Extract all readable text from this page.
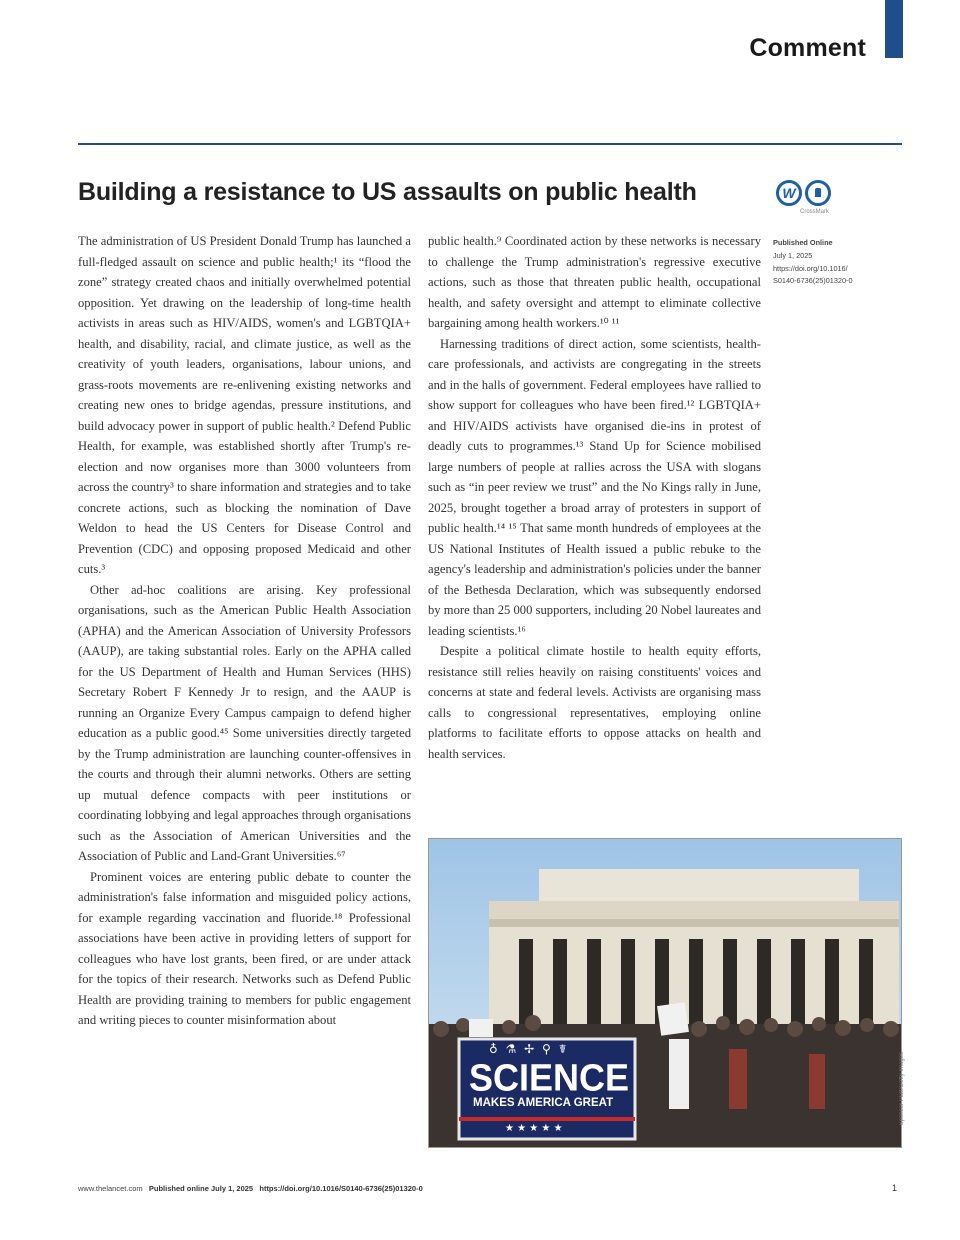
Comment
Building a resistance to US assaults on public health	W
CrossMark

The administration of US President Donald Trump has launched a full-fledged assault on science and public health;¹ its “flood the zone” strategy created chaos and initially overwhelmed potential opposition. Yet drawing on the leadership of long-time health activists in areas such as HIV/AIDS, women's and LGBTQIA+ health, and disability, racial, and climate justice, as well as the creativity of youth leaders, organisations, labour unions, and grass-roots movements are re-enlivening existing networks and creating new ones to bridge agendas, pressure institutions, and build advocacy power in support of public health.² Defend Public Health, for example, was established shortly after Trump's re-election and now organises more than 3000 volunteers from across the country³ to share information and strategies and to take concrete actions, such as blocking the nomination of Dave Weldon to head the US Centers for Disease Control and Prevention (CDC) and opposing proposed Medicaid and other cuts.³

Other ad-hoc coalitions are arising. Key professional organisations, such as the American Public Health Association (APHA) and the American Association of University Professors (AAUP), are taking substantial roles. Early on the APHA called for the US Department of Health and Human Services (HHS) Secretary Robert F Kennedy Jr to resign, and the AAUP is running an Organize Every Campus campaign to defend higher education as a public good.⁴⁵ Some universities directly targeted by the Trump administration are launching counter-offensives in the courts and through their alumni networks. Others are setting up mutual defence compacts with peer institutions or coordinating lobbying and legal approaches through organisations such as the Association of American Universities and the Association of Public and Land-Grant Universities.⁶⁷

Prominent voices are entering public debate to counter the administration's false information and misguided policy actions, for example regarding vaccination and fluoride.¹⁸ Professional associations have been active in providing letters of support for colleagues who have lost grants, been fired, or are under attack for the topics of their research. Networks such as Defend Public Health are providing training to members for public engagement and writing pieces to counter misinformation about

public health.⁹ Coordinated action by these networks is necessary to challenge the Trump administration's regressive executive actions, such as those that threaten public health, occupational health, and safety oversight and attempt to eliminate collective bargaining among health workers.¹⁰ ¹¹

Harnessing traditions of direct action, some scientists, health-care professionals, and activists are congregating in the streets and in the halls of government. Federal employees have rallied to show support for colleagues who have been fired.¹² LGBTQIA+ and HIV/AIDS activists have organised die-ins in protest of deadly cuts to programmes.¹³ Stand Up for Science mobilised large numbers of people at rallies across the USA with slogans such as “in peer review we trust” and the No Kings rally in June, 2025, brought together a broad array of protesters in support of public health.¹⁴ ¹⁵ That same month hundreds of employees at the US National Institutes of Health issued a public rebuke to the agency's leadership and administration's policies under the banner of the Bethesda Declaration, which was subsequently endorsed by more than 25 000 supporters, including 20 Nobel laureates and leading scientists.¹⁶

Despite a political climate hostile to health equity efforts, resistance still relies heavily on raising constituents' voices and concerns at state and federal levels. Activists are organising mass calls to congressional representatives, employing online platforms to facilitate efforts to oppose attacks on health and health services.

Published Online
July 1, 2025
https://doi.org/10.1016/
S0140-6736(25)01320-0
♁ ⚗ ✢ ⚲ ☤
SCIENCE
MAKES AMERICA GREAT
★ ★ ★ ★ ★
Spencer Platt/Getty Images
www.thelancet.com Published online July 1, 2025 https://doi.org/10.1016/S0140-6736(25)01320-0	1
